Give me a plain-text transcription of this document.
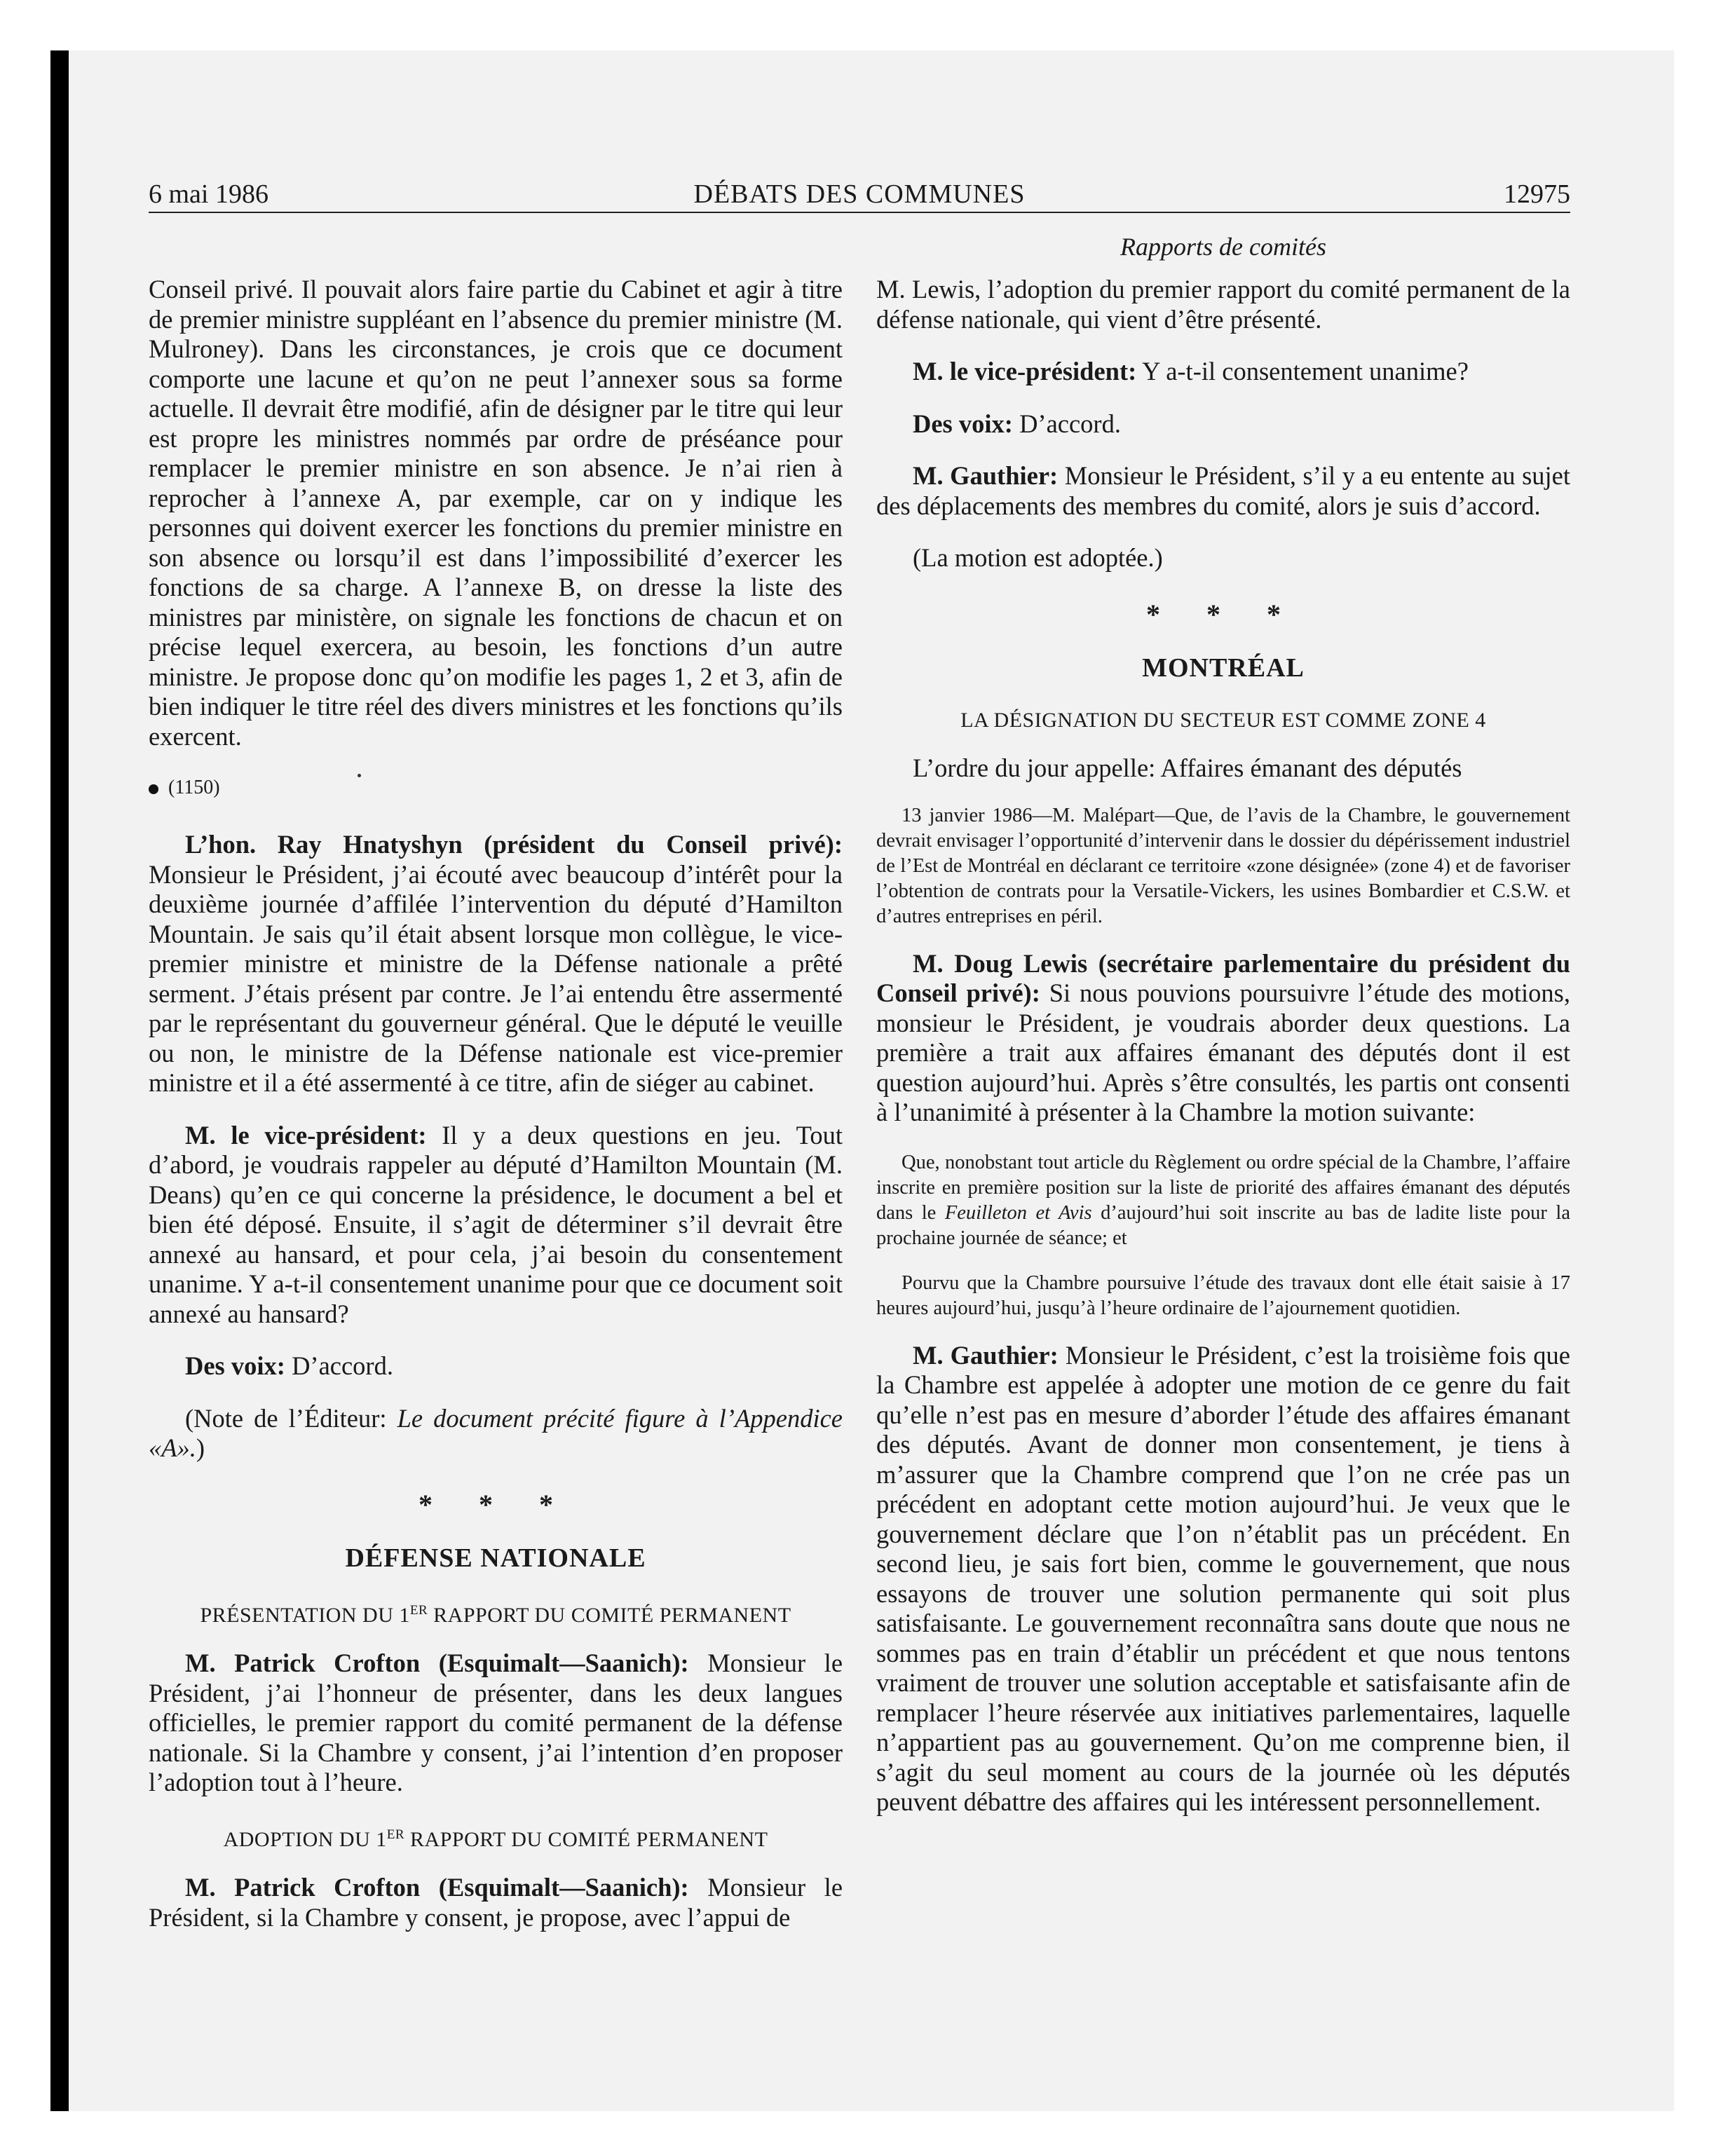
6 mai 1986	DÉBATS DES COMMUNES	12975
Rapports de comités

Conseil privé. Il pouvait alors faire partie du Cabinet et agir à titre de premier ministre suppléant en l’absence du premier ministre (M. Mulroney). Dans les circonstances, je crois que ce document comporte une lacune et qu’on ne peut l’annexer sous sa forme actuelle. Il devrait être modifié, afin de désigner par le titre qui leur est propre les ministres nommés par ordre de préséance pour remplacer le premier ministre en son absence. Je n’ai rien à reprocher à l’annexe A, par exemple, car on y indique les personnes qui doivent exercer les fonctions du premier ministre en son absence ou lorsqu’il est dans l’impossibilité d’exercer les fonctions de sa charge. A l’annexe B, on dresse la liste des ministres par ministère, on signale les fonctions de chacun et on précise lequel exercera, au besoin, les fonctions d’un autre ministre. Je propose donc qu’on modifie les pages 1, 2 et 3, afin de bien indiquer le titre réel des divers ministres et les fonctions qu’ils exercent.

(1150)

L’hon. Ray Hnatyshyn (président du Conseil privé): Monsieur le Président, j’ai écouté avec beaucoup d’intérêt pour la deuxième journée d’affilée l’intervention du député d’Hamilton Mountain. Je sais qu’il était absent lorsque mon collègue, le vice-premier ministre et ministre de la Défense nationale a prêté serment. J’étais présent par contre. Je l’ai entendu être assermenté par le représentant du gouverneur général. Que le député le veuille ou non, le ministre de la Défense nationale est vice-premier ministre et il a été assermenté à ce titre, afin de siéger au cabinet.

M. le vice-président: Il y a deux questions en jeu. Tout d’abord, je voudrais rappeler au député d’Hamilton Mountain (M. Deans) qu’en ce qui concerne la présidence, le document a bel et bien été déposé. Ensuite, il s’agit de déterminer s’il devrait être annexé au hansard, et pour cela, j’ai besoin du consentement unanime. Y a-t-il consentement unanime pour que ce document soit annexé au hansard?

Des voix: D’accord.

(Note de l’Éditeur: Le document précité figure à l’Appendice «A».)

* * *
DÉFENSE NATIONALE
PRÉSENTATION DU 1ER RAPPORT DU COMITÉ PERMANENT

M. Patrick Crofton (Esquimalt—Saanich): Monsieur le Président, j’ai l’honneur de présenter, dans les deux langues officielles, le premier rapport du comité permanent de la défense nationale. Si la Chambre y consent, j’ai l’intention d’en proposer l’adoption tout à l’heure.

ADOPTION DU 1ER RAPPORT DU COMITÉ PERMANENT

M. Patrick Crofton (Esquimalt—Saanich): Monsieur le Président, si la Chambre y consent, je propose, avec l’appui de

M. Lewis, l’adoption du premier rapport du comité permanent de la défense nationale, qui vient d’être présenté.

M. le vice-président: Y a-t-il consentement unanime?

Des voix: D’accord.

M. Gauthier: Monsieur le Président, s’il y a eu entente au sujet des déplacements des membres du comité, alors je suis d’accord.

(La motion est adoptée.)

* * *
MONTRÉAL
LA DÉSIGNATION DU SECTEUR EST COMME ZONE 4

L’ordre du jour appelle: Affaires émanant des députés

13 janvier 1986—M. Malépart—Que, de l’avis de la Chambre, le gouvernement devrait envisager l’opportunité d’intervenir dans le dossier du dépérissement industriel de l’Est de Montréal en déclarant ce territoire «zone désignée» (zone 4) et de favoriser l’obtention de contrats pour la Versatile-Vickers, les usines Bombardier et C.S.W. et d’autres entreprises en péril.

M. Doug Lewis (secrétaire parlementaire du président du Conseil privé): Si nous pouvions poursuivre l’étude des motions, monsieur le Président, je voudrais aborder deux questions. La première a trait aux affaires émanant des députés dont il est question aujourd’hui. Après s’être consultés, les partis ont consenti à l’unanimité à présenter à la Chambre la motion suivante:

Que, nonobstant tout article du Règlement ou ordre spécial de la Chambre, l’affaire inscrite en première position sur la liste de priorité des affaires émanant des députés dans le Feuilleton et Avis d’aujourd’hui soit inscrite au bas de ladite liste pour la prochaine journée de séance; et

Pourvu que la Chambre poursuive l’étude des travaux dont elle était saisie à 17 heures aujourd’hui, jusqu’à l’heure ordinaire de l’ajournement quotidien.

M. Gauthier: Monsieur le Président, c’est la troisième fois que la Chambre est appelée à adopter une motion de ce genre du fait qu’elle n’est pas en mesure d’aborder l’étude des affaires émanant des députés. Avant de donner mon consentement, je tiens à m’assurer que la Chambre comprend que l’on ne crée pas un précédent en adoptant cette motion aujourd’hui. Je veux que le gouvernement déclare que l’on n’établit pas un précédent. En second lieu, je sais fort bien, comme le gouvernement, que nous essayons de trouver une solution permanente qui soit plus satisfaisante. Le gouvernement reconnaîtra sans doute que nous ne sommes pas en train d’établir un précédent et que nous tentons vraiment de trouver une solution acceptable et satisfaisante afin de remplacer l’heure réservée aux initiatives parlementaires, laquelle n’appartient pas au gouvernement. Qu’on me comprenne bien, il s’agit du seul moment au cours de la journée où les députés peuvent débattre des affaires qui les intéressent personnellement.
